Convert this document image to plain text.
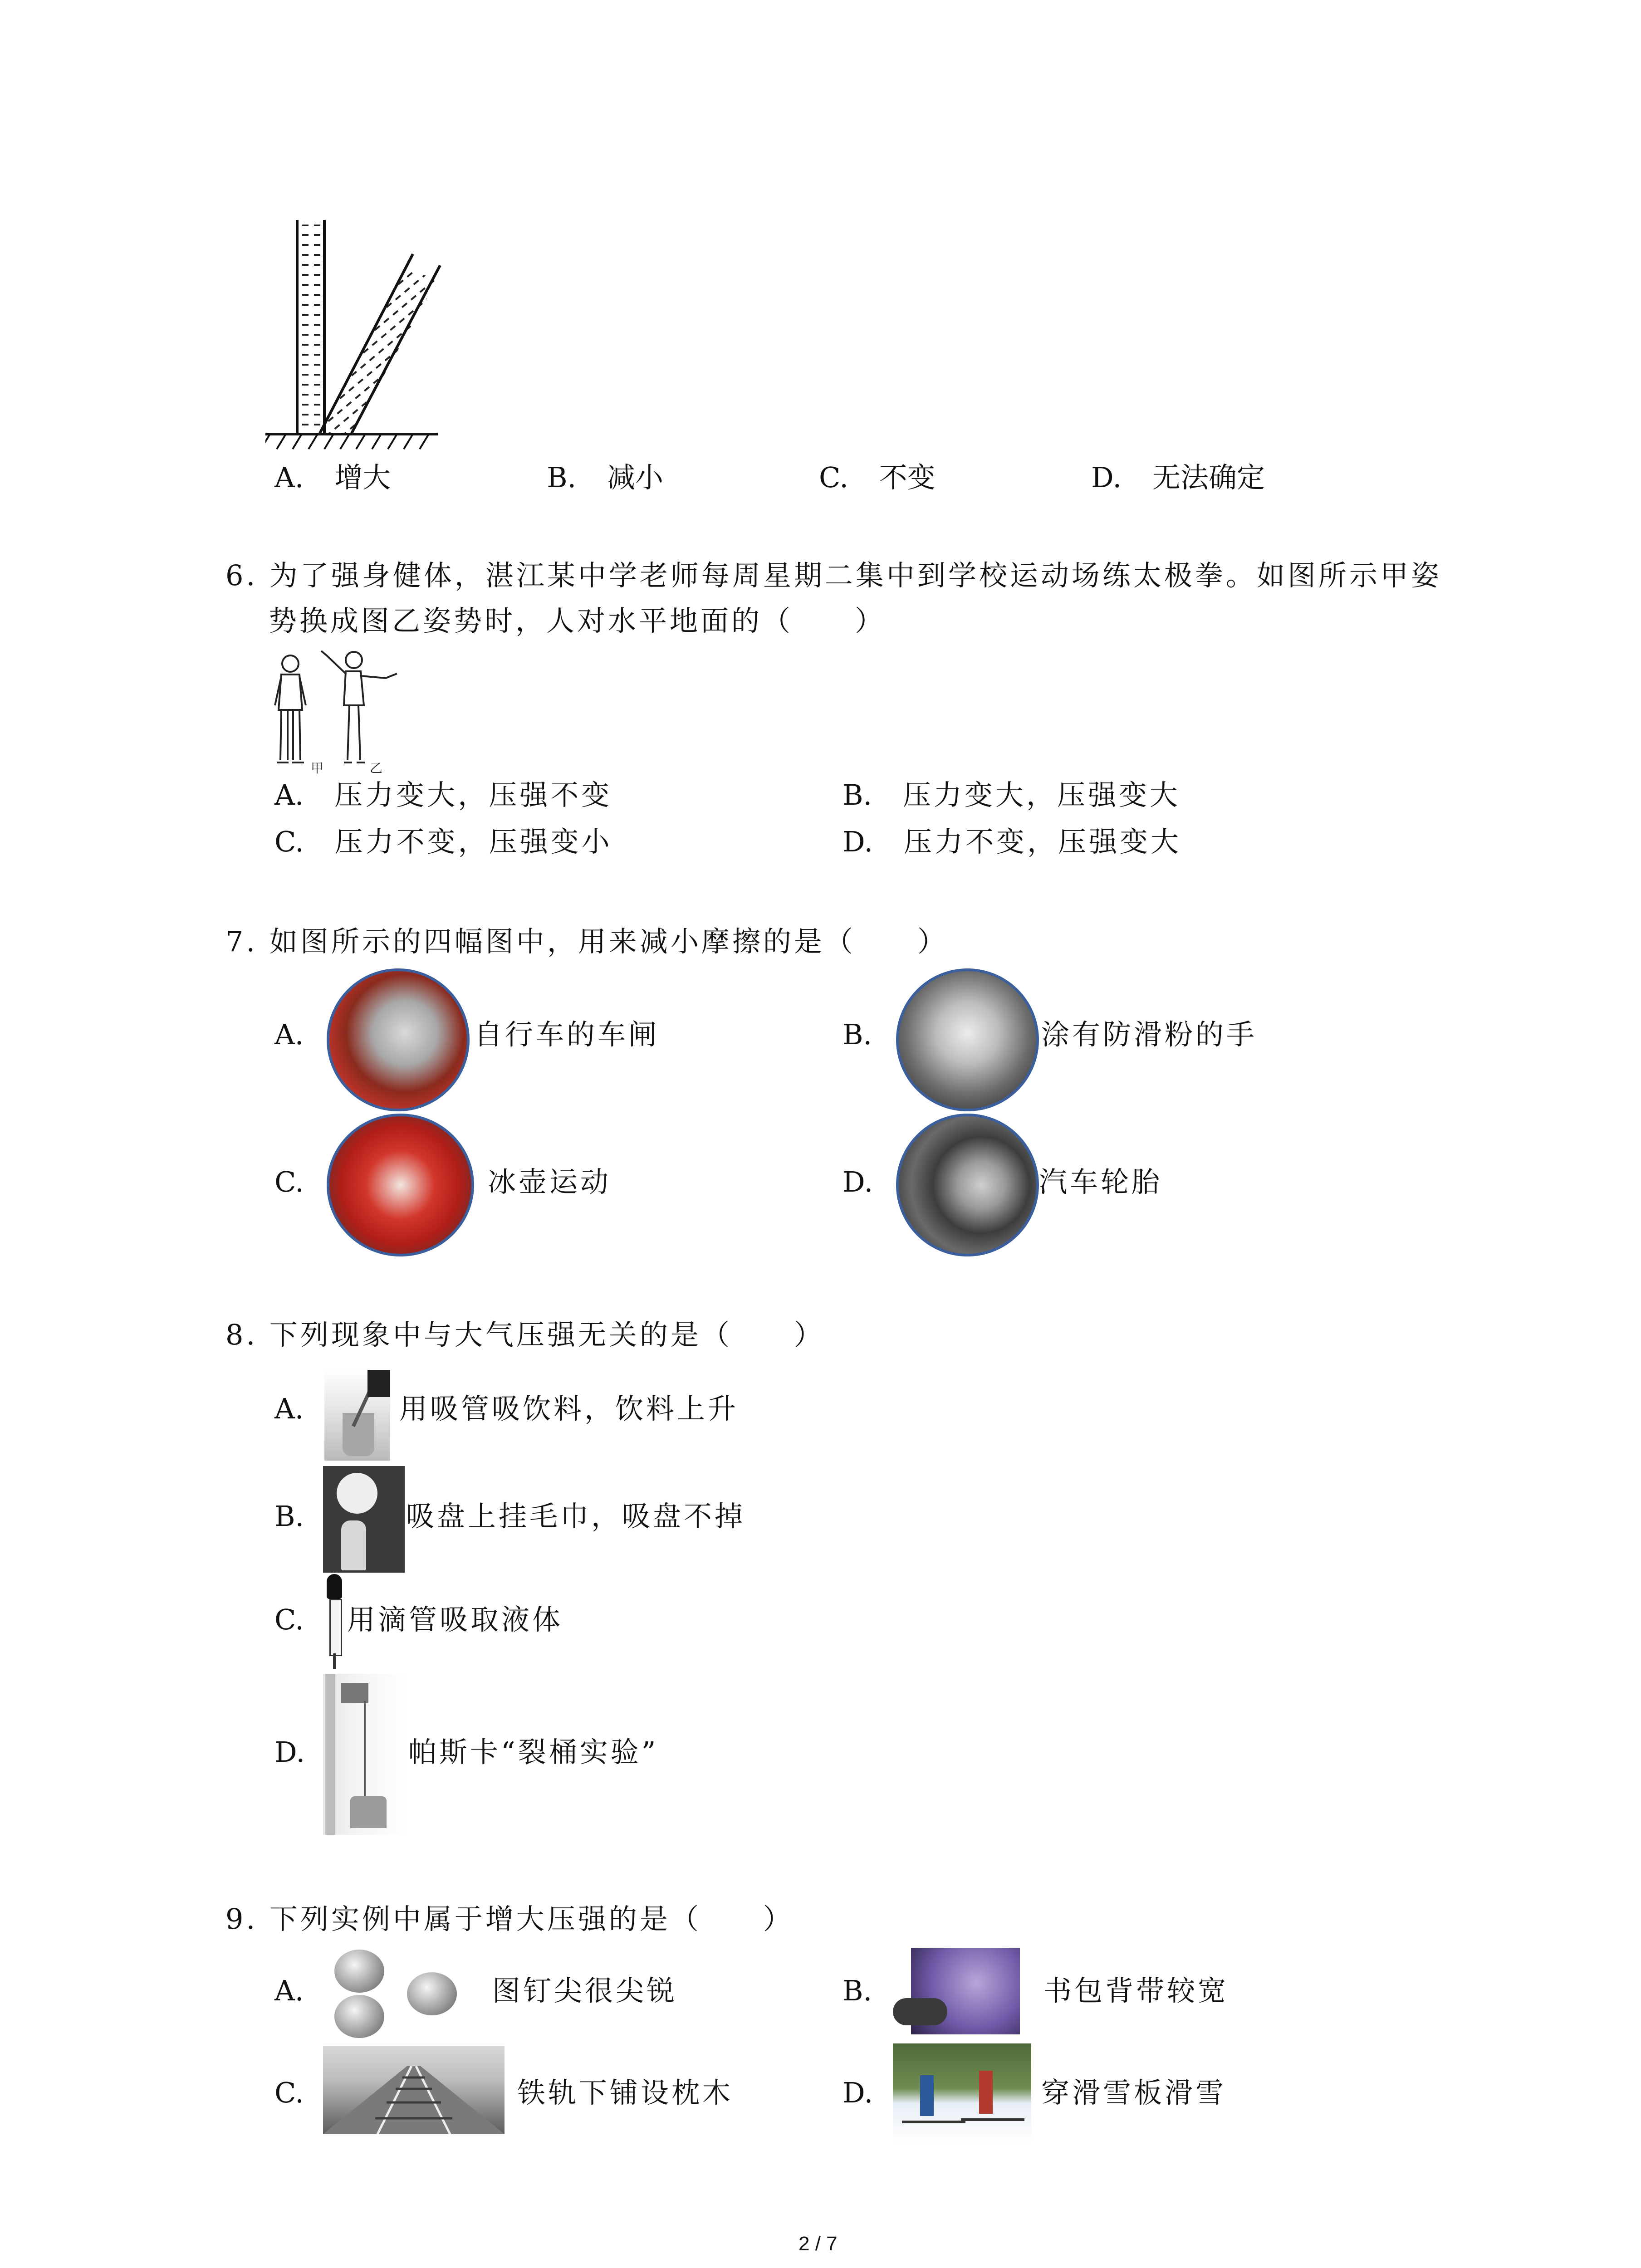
A. 增大	B. 减小	C. 不变	D. 无法确定
6. 为了强身健体，湛江某中学老师每周星期二集中到学校运动场练太极拳。如图所示甲姿
势换成图乙姿势时，人对水平地面的（　　）
甲	乙
A. 压力变大，压强不变	B. 压力变大，压强变大
C. 压力不变，压强变小	D. 压力不变，压强变大
7. 如图所示的四幅图中，用来减小摩擦的是（　　）
A.	自行车的车闸	B.	涂有防滑粉的手
C.	冰壶运动	D.	汽车轮胎
8. 下列现象中与大气压强无关的是（　　）
A.	用吸管吸饮料，饮料上升
B.	吸盘上挂毛巾，吸盘不掉
C. 用滴管吸取液体
D.	帕斯卡“裂桶实验”
9. 下列实例中属于增大压强的是（　　）
A.	图钉尖很尖锐	B.	书包背带较宽
C.	铁轨下铺设枕木	D.	穿滑雪板滑雪
2 / 7
